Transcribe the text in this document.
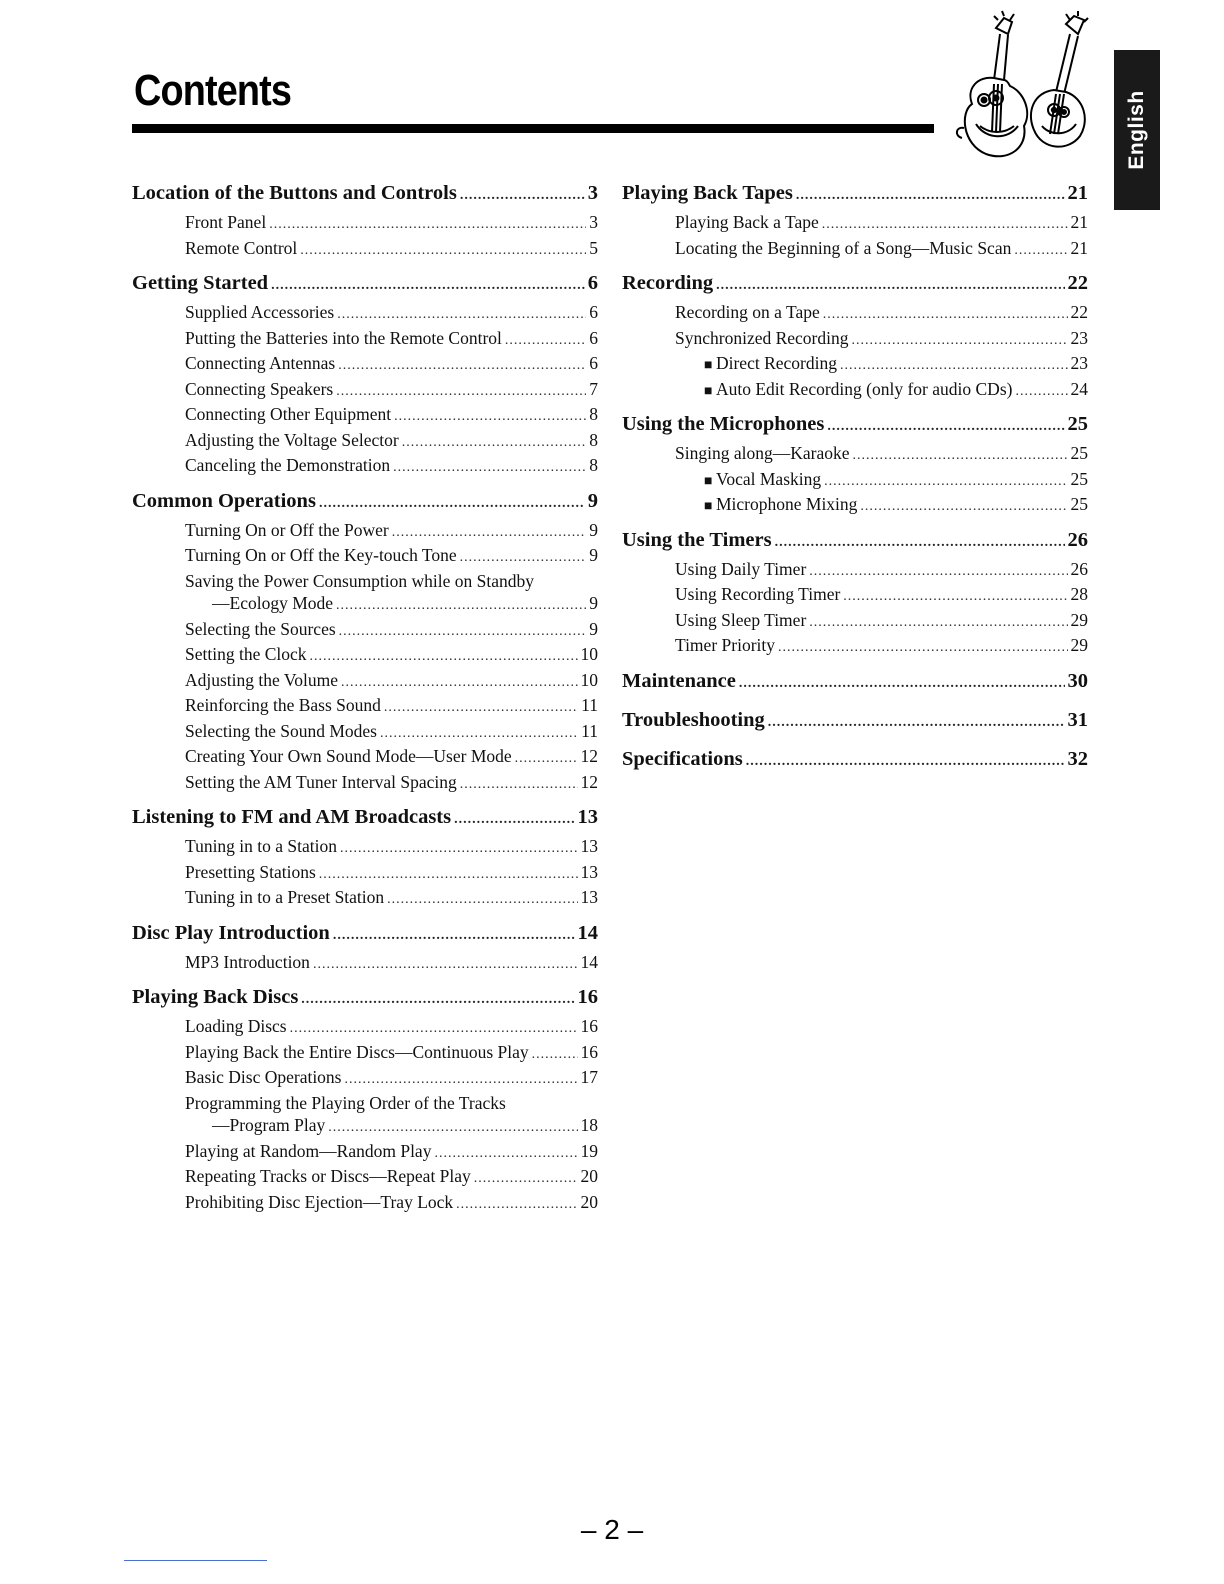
Contents	English
Location of the Buttons and Controls .....	3
Front Panel .....	3
Remote Control .....	5
Getting Started .....	6
Supplied Accessories .....	6
Putting the Batteries into the Remote Control .....	6
Connecting Antennas .....	6
Connecting Speakers .....	7
Connecting Other Equipment .....	8
Adjusting the Voltage Selector .....	8
Canceling the Demonstration .....	8
Common Operations .....	9
Turning On or Off the Power .....	9
Turning On or Off the Key-touch Tone .....	9
Saving the Power Consumption while on Standby
—Ecology Mode .....	9
Selecting the Sources .....	9
Setting the Clock .....	10
Adjusting the Volume .....	10
Reinforcing the Bass Sound .....	11
Selecting the Sound Modes .....	11
Creating Your Own Sound Mode—User Mode .....	12
Setting the AM Tuner Interval Spacing .....	12
Listening to FM and AM Broadcasts .....	13
Tuning in to a Station .....	13
Presetting Stations .....	13
Tuning in to a Preset Station .....	13
Disc Play Introduction .....	14
MP3 Introduction .....	14
Playing Back Discs .....	16
Loading Discs .....	16
Playing Back the Entire Discs—Continuous Play .....	16
Basic Disc Operations .....	17
Programming the Playing Order of the Tracks
—Program Play .....	18
Playing at Random—Random Play .....	19
Repeating Tracks or Discs—Repeat Play .....	20
Prohibiting Disc Ejection—Tray Lock .....	20
Playing Back Tapes .....	21
Playing Back a Tape .....	21
Locating the Beginning of a Song—Music Scan .....	21
Recording .....	22
Recording on a Tape .....	22
Synchronized Recording .....	23
■ Direct Recording .....	23
■ Auto Edit Recording (only for audio CDs) .....	24
Using the Microphones .....	25
Singing along—Karaoke .....	25
■ Vocal Masking .....	25
■ Microphone Mixing .....	25
Using the Timers .....	26
Using Daily Timer .....	26
Using Recording Timer .....	28
Using Sleep Timer .....	29
Timer Priority .....	29
Maintenance .....	30
Troubleshooting .....	31
Specifications .....	32
– 2 –
